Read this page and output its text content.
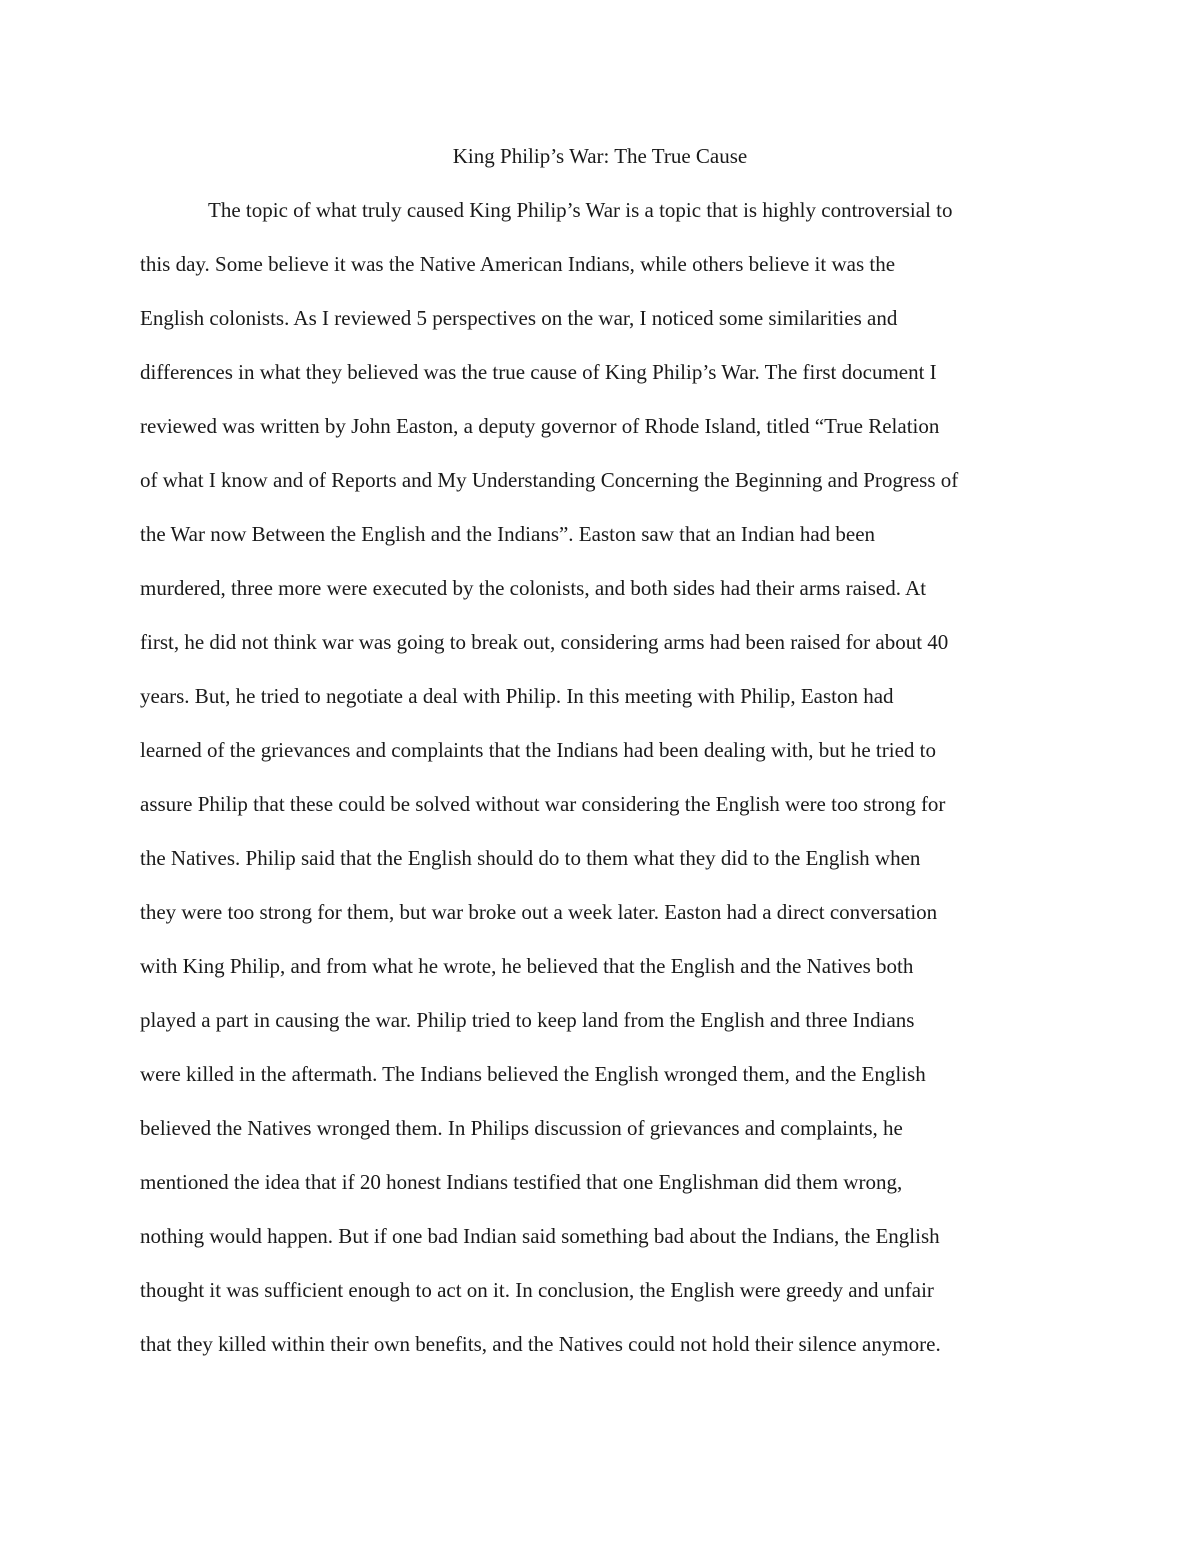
King Philip’s War: The True Cause
The topic of what truly caused King Philip’s War is a topic that is highly controversial to
this day. Some believe it was the Native American Indians, while others believe it was the
English colonists. As I reviewed 5 perspectives on the war, I noticed some similarities and
differences in what they believed was the true cause of King Philip’s War. The first document I
reviewed was written by John Easton, a deputy governor of Rhode Island, titled “True Relation
of what I know and of Reports and My Understanding Concerning the Beginning and Progress of
the War now Between the English and the Indians”. Easton saw that an Indian had been
murdered, three more were executed by the colonists, and both sides had their arms raised. At
first, he did not think war was going to break out, considering arms had been raised for about 40
years. But, he tried to negotiate a deal with Philip. In this meeting with Philip, Easton had
learned of the grievances and complaints that the Indians had been dealing with, but he tried to
assure Philip that these could be solved without war considering the English were too strong for
the Natives. Philip said that the English should do to them what they did to the English when
they were too strong for them, but war broke out a week later. Easton had a direct conversation
with King Philip, and from what he wrote, he believed that the English and the Natives both
played a part in causing the war. Philip tried to keep land from the English and three Indians
were killed in the aftermath. The Indians believed the English wronged them, and the English
believed the Natives wronged them. In Philips discussion of grievances and complaints, he
mentioned the idea that if 20 honest Indians testified that one Englishman did them wrong,
nothing would happen. But if one bad Indian said something bad about the Indians, the English
thought it was sufficient enough to act on it. In conclusion, the English were greedy and unfair
that they killed within their own benefits, and the Natives could not hold their silence anymore.
